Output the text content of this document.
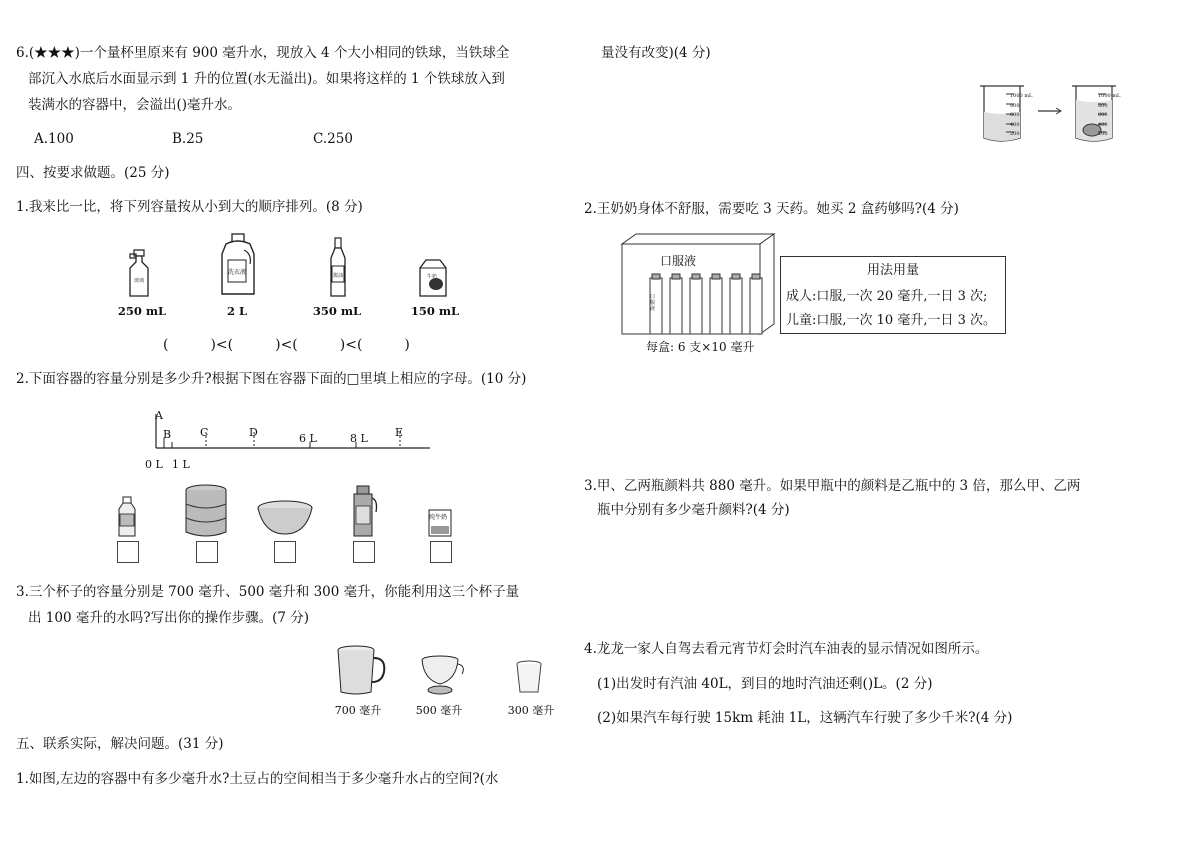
6.(★★★)一个量杯里原来有 900 毫升水，现放入 4 个大小相同的铁球，当铁球全
部沉入水底后水面显示到 1 升的位置(水无溢出)。如果将这样的 1 个铁球放入到
装满水的容器中，会溢出()毫升水。
A.100	B.25	C.250
四、按要求做题。(25 分)
1.我来比一比，将下列容量按从小到大的顺序排列。(8 分)
玻璃
洗衣液	酱油	牛奶
250 mL	2 L	350 mL	150 mL
(　　　)<(　　　)<(　　　)<(　　　)
2.下面容器的容量分别是多少升?根据下图在容器下面的□里填上相应的字母。(10 分)
A
B	C	D	6 L	8 L E
0 L 1 L
纯牛奶
3.三个杯子的容量分别是 700 毫升、500 毫升和 300 毫升，你能利用这三个杯子量
出 100 毫升的水吗?写出你的操作步骤。(7 分)
700 毫升	500 毫升	300 毫升
五、联系实际，解决问题。(31 分)
1.如图,左边的容器中有多少毫升水?土豆占的空间相当于多少毫升水占的空间?(水
量没有改变)(4 分)
1000 mL
800
600
400
200
1000 mL
800
600
400
200
2.王奶奶身体不舒服，需要吃 3 天药。她买 2 盒药够吗?(4 分)
口服液
口服液
每盒: 6 支×10 毫升
用法用量
成人:口服,一次 20 毫升,一日 3 次;
儿童:口服,一次 10 毫升,一日 3 次。
3.甲、乙两瓶颜料共 880 毫升。如果甲瓶中的颜料是乙瓶中的 3 倍，那么甲、乙两
瓶中分别有多少毫升颜料?(4 分)
4.龙龙一家人自驾去看元宵节灯会时汽车油表的显示情况如图所示。
(1)出发时有汽油 40L，到目的地时汽油还剩()L。(2 分)
(2)如果汽车每行驶 15km 耗油 1L，这辆汽车行驶了多少千米?(4 分)
